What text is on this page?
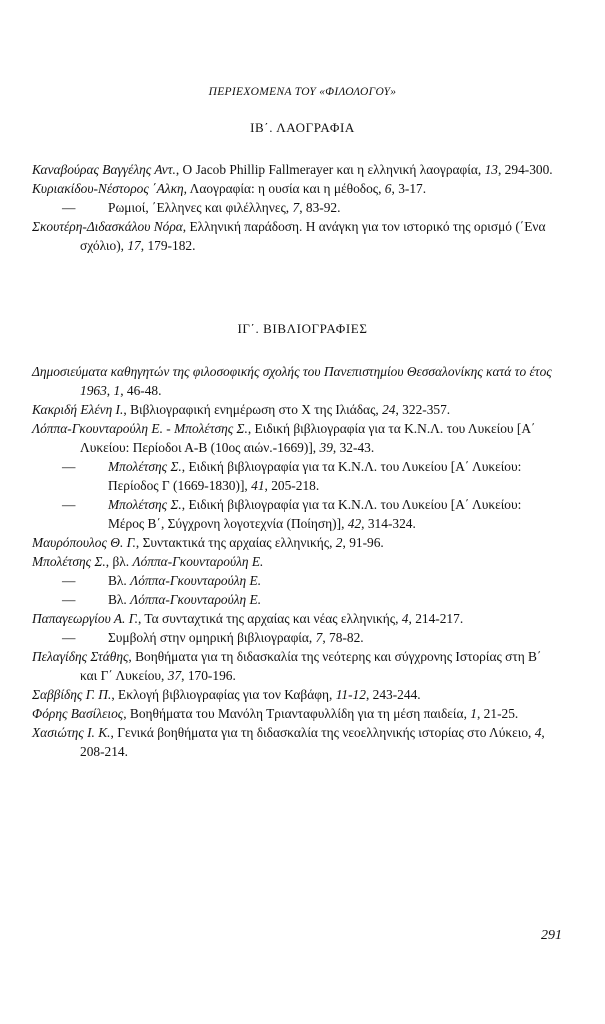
ΠΕΡΙΕΧΟΜΕΝΑ ΤΟΥ «ΦΙΛΟΛΟΓΟΥ»
ΙΒ΄. ΛΑΟΓΡΑΦΙΑ

Καναβούρας Βαγγέλης Αντ., Ο Jacob Phillip Fallmerayer και η ελληνική λαογραφία, 13, 294-300.

Κυριακίδου-Νέστορος ΄Αλκη, Λαογραφία: η ουσία και η μέθοδος, 6, 3-17.

— Ρωμιοί, ΄Ελληνες και φιλέλληνες, 7, 83-92.

Σκουτέρη-Διδασκάλου Νόρα, Ελληνική παράδοση. Η ανάγκη για τον ιστορικό της ορισμό (΄Ενα σχόλιο), 17, 179-182.

ΙΓ΄. ΒΙΒΛΙΟΓΡΑΦΙΕΣ

Δημοσιεύματα καθηγητών της φιλοσοφικής σχολής του Πανεπιστημίου Θεσσαλονίκης κατά το έτος 1963, 1, 46-48.

Κακριδή Ελένη Ι., Βιβλιογραφική ενημέρωση στο Χ της Ιλιάδας, 24, 322-357.

Λόππα-Γκουνταρούλη Ε. - Μπολέτσης Σ., Ειδική βιβλιογραφία για τα Κ.Ν.Λ. του Λυκείου [Α΄ Λυκείου: Περίοδοι Α-Β (10ος αιών.-1669)], 39, 32-43.

— Μπολέτσης Σ., Ειδική βιβλιογραφία για τα Κ.Ν.Λ. του Λυκείου [Α΄ Λυκείου: Περίοδος Γ (1669-1830)], 41, 205-218.

— Μπολέτσης Σ., Ειδική βιβλιογραφία για τα Κ.Ν.Λ. του Λυκείου [Α΄ Λυκείου: Μέρος Β΄, Σύγχρονη λογοτεχνία (Ποίηση)], 42, 314-324.

Μαυρόπουλος Θ. Γ., Συντακτικά της αρχαίας ελληνικής, 2, 91-96.

Μπολέτσης Σ., βλ. Λόππα-Γκουνταρούλη Ε.

— Βλ. Λόππα-Γκουνταρούλη Ε.

— Βλ. Λόππα-Γκουνταρούλη Ε.

Παπαγεωργίου Α. Γ., Τα συνταχτικά της αρχαίας και νέας ελληνικής, 4, 214-217.

— Συμβολή στην ομηρική βιβλιογραφία, 7, 78-82.

Πελαγίδης Στάθης, Βοηθήματα για τη διδασκαλία της νεότερης και σύγχρονης Ιστορίας στη Β΄ και Γ΄ Λυκείου, 37, 170-196.

Σαββίδης Γ. Π., Εκλογή βιβλιογραφίας για τον Καβάφη, 11-12, 243-244.

Φόρης Βασίλειος, Βοηθήματα του Μανόλη Τριανταφυλλίδη για τη μέση παιδεία, 1, 21-25.

Χασιώτης Ι. Κ., Γενικά βοηθήματα για τη διδασκαλία της νεοελληνικής ιστορίας στο Λύκειο, 4, 208-214.

291
